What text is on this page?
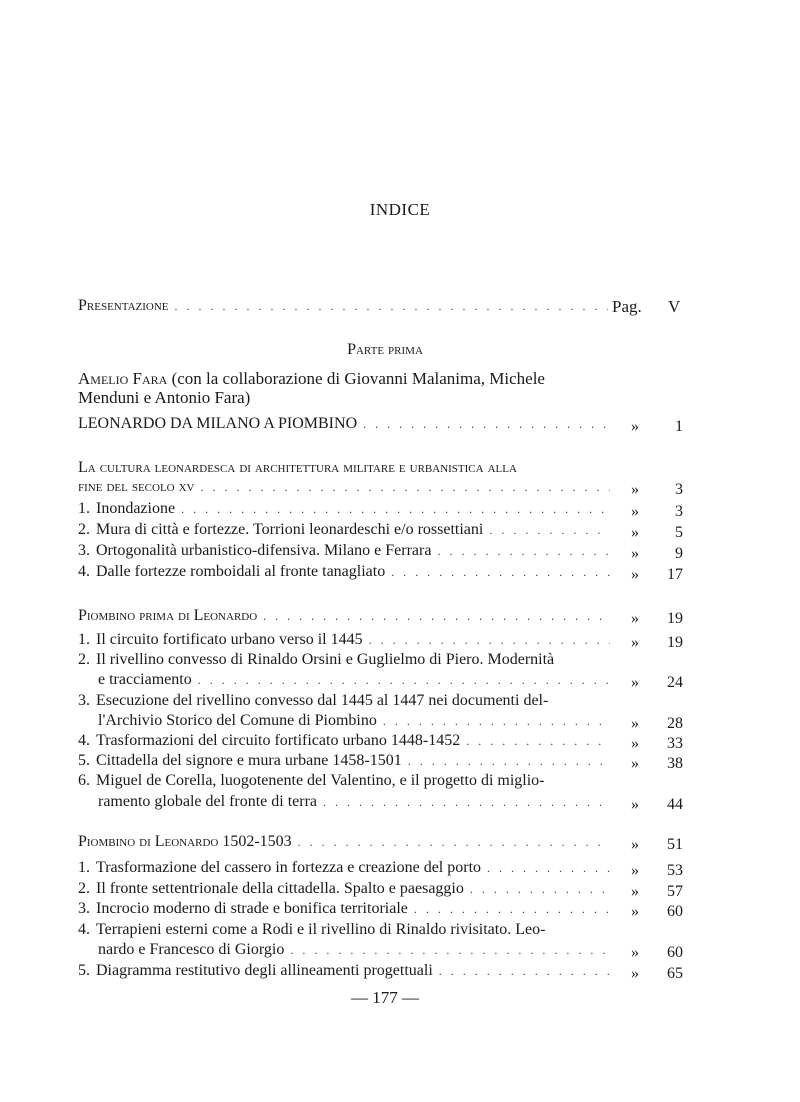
INDICE
Presentazione . . .	Pag. V
Parte prima
Amelio Fara (con la collaborazione di Giovanni Malanima, Michele Menduni e Antonio Fara)
LEONARDO DA MILANO A PIOMBINO . . .	»	1
La cultura leonardesca di architettura militare e urbanistica alla
fine del secolo xv . . .	»	3
1. Inondazione . . .	»	3
2. Mura di città e fortezze. Torrioni leonardeschi e/o rossettiani . . .	»	5
3. Ortogonalità urbanistico-difensiva. Milano e Ferrara . . .	»	9
4. Dalle fortezze romboidali al fronte tanagliato . . .	»	17
Piombino prima di Leonardo . . .	»	19
1. Il circuito fortificato urbano verso il 1445 . . .	»	19
2. Il rivellino convesso di Rinaldo Orsini e Guglielmo di Piero. Modernità
e tracciamento . . .	»	24
3. Esecuzione del rivellino convesso dal 1445 al 1447 nei documenti del-
l'Archivio Storico del Comune di Piombino . . .	»	28
4. Trasformazioni del circuito fortificato urbano 1448-1452 . . .	»	33
5. Cittadella del signore e mura urbane 1458-1501 . . .	»	38
6. Miguel de Corella, luogotenente del Valentino, e il progetto di miglio-
ramento globale del fronte di terra . . .	»	44
Piombino di Leonardo 1502-1503 . . .	»	51
1. Trasformazione del cassero in fortezza e creazione del porto . . .	»	53
2. Il fronte settentrionale della cittadella. Spalto e paesaggio . . .	»	57
3. Incrocio moderno di strade e bonifica territoriale . . .	»	60
4. Terrapieni esterni come a Rodi e il rivellino di Rinaldo rivisitato. Leo-
nardo e Francesco di Giorgio . . .	»	60
5. Diagramma restitutivo degli allineamenti progettuali . . .	»	65
— 177 —
